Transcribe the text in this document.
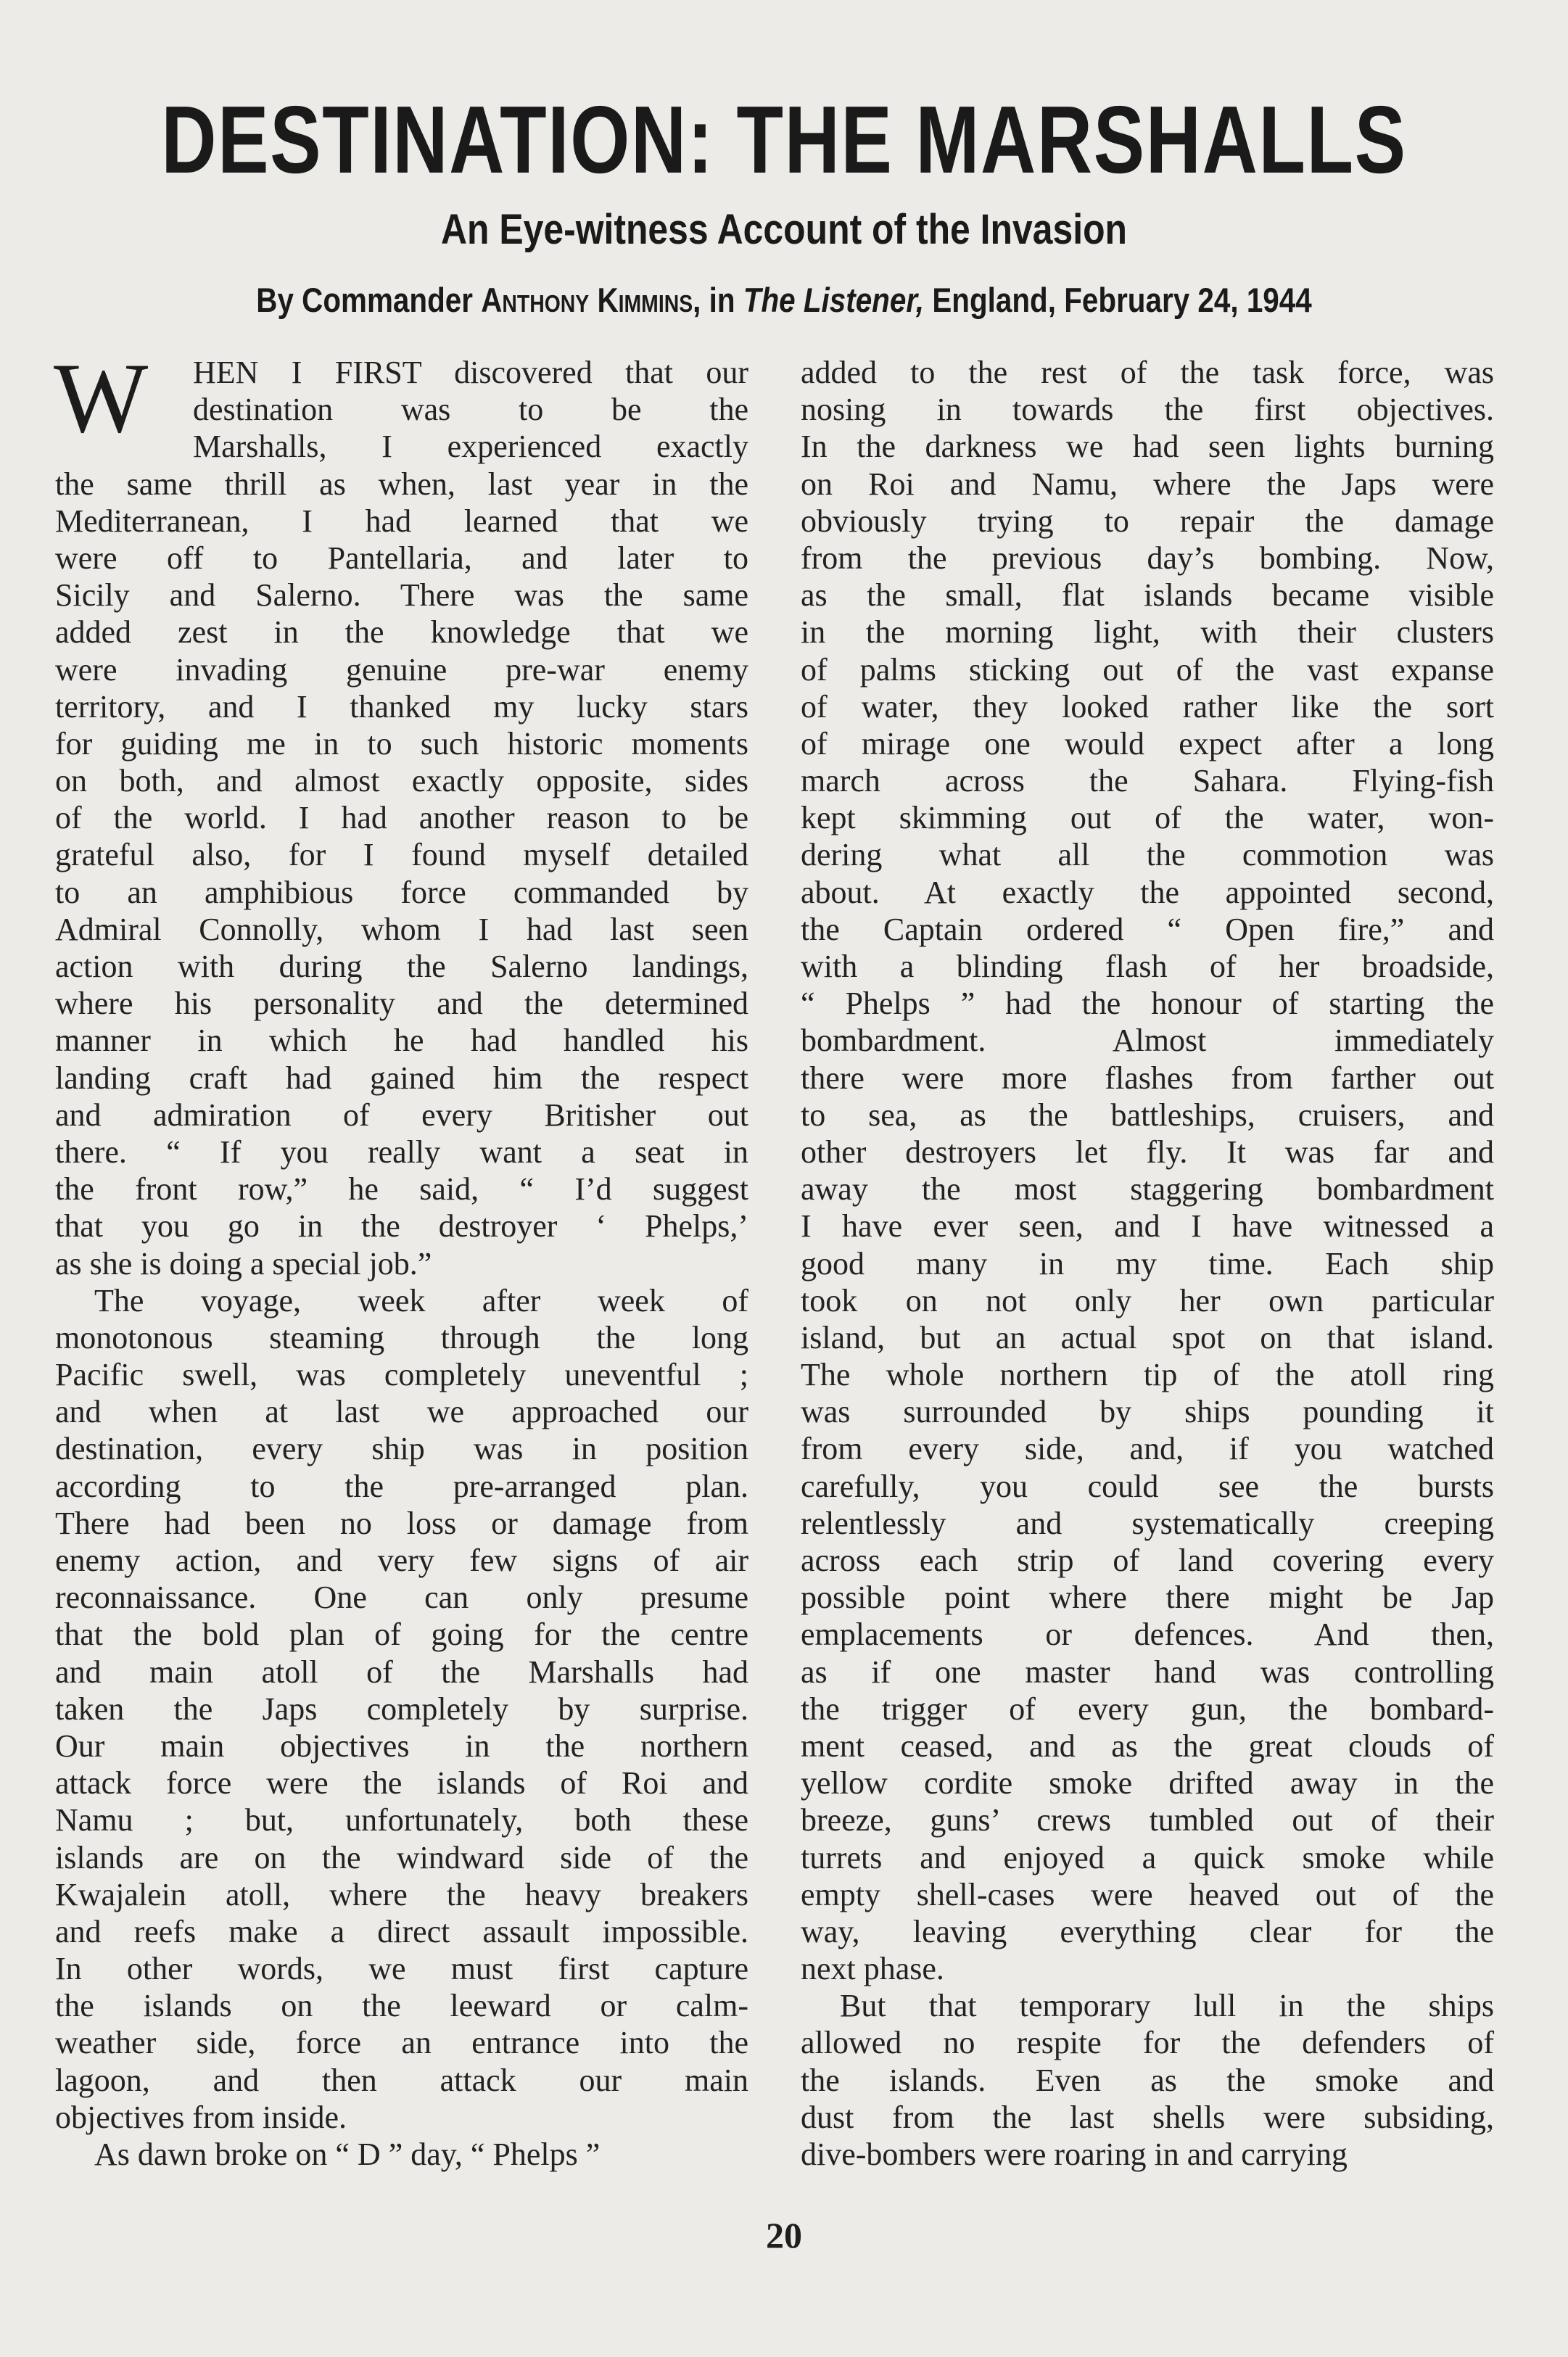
DESTINATION: THE MARSHALLS
An Eye-witness Account of the Invasion

By Commander Anthony Kimmins, in The Listener, England, February 24, 1944

W	HEN I FIRST discovered that our
destination was to be the
Marshalls, I experienced exactly
the same thrill as when, last year in the
Mediterranean, I had learned that we
were off to Pantellaria, and later to
Sicily and Salerno. There was the same
added zest in the knowledge that we
were invading genuine pre-war enemy
territory, and I thanked my lucky stars
for guiding me in to such historic moments
on both, and almost exactly opposite, sides
of the world. I had another reason to be
grateful also, for I found myself detailed
to an amphibious force commanded by
Admiral Connolly, whom I had last seen
action with during the Salerno landings,
where his personality and the determined
manner in which he had handled his
landing craft had gained him the respect
and admiration of every Britisher out
there. “ If you really want a seat in
the front row,” he said, “ I’d suggest
that you go in the destroyer ‘ Phelps,’
as she is doing a special job.”
The voyage, week after week of
monotonous steaming through the long
Pacific swell, was completely uneventful ;
and when at last we approached our
destination, every ship was in position
according to the pre-arranged plan.
There had been no loss or damage from
enemy action, and very few signs of air
reconnaissance. One can only presume
that the bold plan of going for the centre
and main atoll of the Marshalls had
taken the Japs completely by surprise.
Our main objectives in the northern
attack force were the islands of Roi and
Namu ; but, unfortunately, both these
islands are on the windward side of the
Kwajalein atoll, where the heavy breakers
and reefs make a direct assault impossible.
In other words, we must first capture
the islands on the leeward or calm-
weather side, force an entrance into the
lagoon, and then attack our main
objectives from inside.
As dawn broke on “ D ” day, “ Phelps ”
added to the rest of the task force, was
nosing in towards the first objectives.
In the darkness we had seen lights burning
on Roi and Namu, where the Japs were
obviously trying to repair the damage
from the previous day’s bombing. Now,
as the small, flat islands became visible
in the morning light, with their clusters
of palms sticking out of the vast expanse
of water, they looked rather like the sort
of mirage one would expect after a long
march across the Sahara. Flying-fish
kept skimming out of the water, won-
dering what all the commotion was
about. At exactly the appointed second,
the Captain ordered “ Open fire,” and
with a blinding flash of her broadside,
“ Phelps ” had the honour of starting the
bombardment. Almost immediately
there were more flashes from farther out
to sea, as the battleships, cruisers, and
other destroyers let fly. It was far and
away the most staggering bombardment
I have ever seen, and I have witnessed a
good many in my time. Each ship
took on not only her own particular
island, but an actual spot on that island.
The whole northern tip of the atoll ring
was surrounded by ships pounding it
from every side, and, if you watched
carefully, you could see the bursts
relentlessly and systematically creeping
across each strip of land covering every
possible point where there might be Jap
emplacements or defences. And then,
as if one master hand was controlling
the trigger of every gun, the bombard-
ment ceased, and as the great clouds of
yellow cordite smoke drifted away in the
breeze, guns’ crews tumbled out of their
turrets and enjoyed a quick smoke while
empty shell-cases were heaved out of the
way, leaving everything clear for the
next phase.
But that temporary lull in the ships
allowed no respite for the defenders of
the islands. Even as the smoke and
dust from the last shells were subsiding,
dive-bombers were roaring in and carrying

20
